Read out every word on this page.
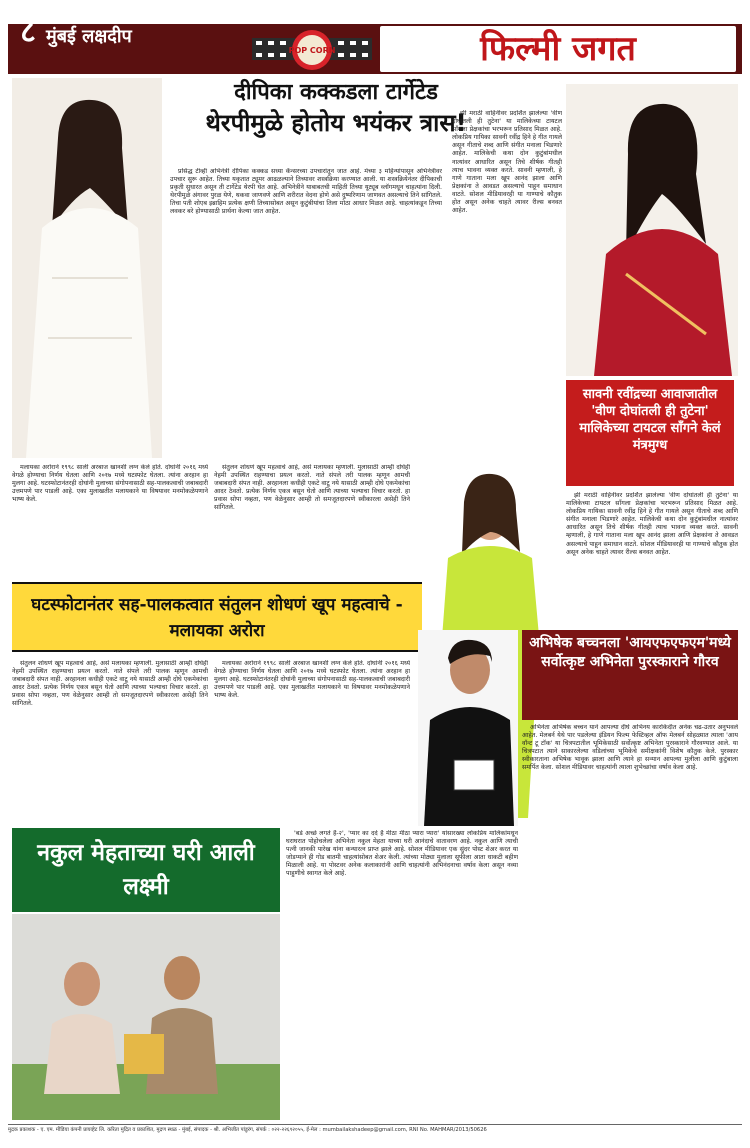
सोमवार, दि. १८ ऑगस्ट, २०२५
८ मुंबई लक्षदीप
POP CORN	फिल्मी जगत
दीपिका कक्कडला टार्गेटेड
थेरपीमुळे होतोय भयंकर त्रास!

प्रसिद्ध टीव्ही अभिनेत्री दीपिका कक्कड सध्या कॅन्सरच्या उपचारांतून जात आहे. मेच्या ३ महिन्यांपासून अभिनेत्रीवर उपचार सुरू आहेत. तिच्या यकृतात ट्यूमर आढळल्याने तिच्यावर शस्त्रक्रिया करण्यात आली. या शस्त्रक्रियेनंतर दीपिकाची प्रकृती सुधारत असून ती टार्गेटेड थेरपी घेत आहे. अभिनेत्रीने याबाबतची माहिती तिच्या यूट्यूब व्लॉगमधून चाहत्यांना दिली. थेरपीमुळे अंगावर पुरळ येणे, थकवा जाणवणे आणि शरीरात वेदना होणे असे दुष्परिणाम जाणवत असल्याचे तिने सांगितले. तिचा पती शोएब इब्राहिम प्रत्येक क्षणी तिच्यासोबत असून कुटुंबीयांचा तिला मोठा आधार मिळत आहे. चाहत्यांकडून तिच्या लवकर बरे होण्यासाठी प्रार्थना केल्या जात आहेत.

झी मराठी वाहिनीवर प्रदर्शित झालेल्या 'वीण दोघांतली ही तुटेना' या मालिकेच्या टायटल सॉंगला प्रेक्षकांचा भरभरून प्रतिसाद मिळत आहे. लोकप्रिय गायिका सावनी रवींद्र हिने हे गीत गायले असून गीताचे शब्द आणि संगीत मनाला भिडणारे आहेत. मालिकेची कथा दोन कुटुंबांमधील नात्यांवर आधारित असून तिचे शीर्षक गीतही त्याच भावना व्यक्त करते. सावनी म्हणाली, हे गाणे गाताना मला खूप आनंद झाला आणि प्रेक्षकांना ते आवडत असल्याचे पाहून समाधान वाटते. सोशल मीडियावरही या गाण्याचे कौतुक होत असून अनेक चाहते त्यावर रील्स बनवत आहेत.

सावनी रवींद्रच्या आवाजातील 'वीण दोघांतली ही तुटेना' मालिकेच्या टायटल सॉंगने केलं मंत्रमुग्ध

झी मराठी वाहिनीवर प्रदर्शित झालेल्या 'वीण दोघांतली ही तुटेना' या मालिकेच्या टायटल सॉंगला प्रेक्षकांचा भरभरून प्रतिसाद मिळत आहे. लोकप्रिय गायिका सावनी रवींद्र हिने हे गीत गायले असून गीताचे शब्द आणि संगीत मनाला भिडणारे आहेत. मालिकेची कथा दोन कुटुंबांमधील नात्यांवर आधारित असून तिचे शीर्षक गीतही त्याच भावना व्यक्त करते. सावनी म्हणाली, हे गाणे गाताना मला खूप आनंद झाला आणि प्रेक्षकांना ते आवडत असल्याचे पाहून समाधान वाटते. सोशल मीडियावरही या गाण्याचे कौतुक होत असून अनेक चाहते त्यावर रील्स बनवत आहेत.

मलायका अरोराने १९९८ साली अरबाज खानशी लग्न केले होते. दोघांनी २०१६ मध्ये वेगळे होण्याचा निर्णय घेतला आणि २०१७ मध्ये घटस्फोट घेतला. त्यांना अरहान हा मुलगा आहे. घटस्फोटानंतरही दोघांनी मुलाच्या संगोपनासाठी सह-पालकत्वाची जबाबदारी उत्तमपणे पार पाडली आहे. एका मुलाखतीत मलायकाने या विषयावर मनमोकळेपणाने भाष्य केले.

संतुलन शोधणं खूप महत्वाचे आहे, असे मलायका म्हणाली. मुलासाठी आम्ही दोघेही नेहमी उपस्थित राहण्याचा प्रयत्न करतो. नाते संपले तरी पालक म्हणून आमची जबाबदारी संपत नाही. अरहानला कधीही एकटे वाटू नये यासाठी आम्ही दोघे एकमेकांचा आदर ठेवतो. प्रत्येक निर्णय एकत्र बसून घेतो आणि त्याच्या भल्याचा विचार करतो. हा प्रवास सोपा नव्हता, पण वेळेनुसार आम्ही तो समजूतदारपणे स्वीकारला असेही तिने सांगितले.

घटस्फोटानंतर सह-पालकत्वात संतुलन शोधणं खूप महत्वाचे - मलायका अरोरा

संतुलन शोधणं खूप महत्वाचे आहे, असे मलायका म्हणाली. मुलासाठी आम्ही दोघेही नेहमी उपस्थित राहण्याचा प्रयत्न करतो. नाते संपले तरी पालक म्हणून आमची जबाबदारी संपत नाही. अरहानला कधीही एकटे वाटू नये यासाठी आम्ही दोघे एकमेकांचा आदर ठेवतो. प्रत्येक निर्णय एकत्र बसून घेतो आणि त्याच्या भल्याचा विचार करतो. हा प्रवास सोपा नव्हता, पण वेळेनुसार आम्ही तो समजूतदारपणे स्वीकारला असेही तिने सांगितले.

मलायका अरोराने १९९८ साली अरबाज खानशी लग्न केले होते. दोघांनी २०१६ मध्ये वेगळे होण्याचा निर्णय घेतला आणि २०१७ मध्ये घटस्फोट घेतला. त्यांना अरहान हा मुलगा आहे. घटस्फोटानंतरही दोघांनी मुलाच्या संगोपनासाठी सह-पालकत्वाची जबाबदारी उत्तमपणे पार पाडली आहे. एका मुलाखतीत मलायकाने या विषयावर मनमोकळेपणाने भाष्य केले.

अभिषेक बच्चनला 'आयएफएफएम'मध्ये सर्वोत्कृष्ट अभिनेता पुरस्काराने गौरव

अभिनेता अभिषेक बच्चन याने आपल्या दीर्घ अभिनय कारकिर्दीत अनेक चढ-उतार अनुभवले आहेत. मेलबर्न येथे पार पडलेल्या इंडियन फिल्म फेस्टिव्हल ऑफ मेलबर्न सोहळ्यात त्याला 'आय वॉन्ट टू टॉक' या चित्रपटातील भूमिकेसाठी सर्वोत्कृष्ट अभिनेता पुरस्काराने गौरवण्यात आले. या चित्रपटात त्याने साकारलेल्या वडिलांच्या भूमिकेचे समीक्षकांनी विशेष कौतुक केले. पुरस्कार स्वीकारताना अभिषेक भावूक झाला आणि त्याने हा सन्मान आपल्या मुलीला आणि कुटुंबाला समर्पित केला. सोशल मीडियावर चाहत्यांनी त्याला शुभेच्छांचा वर्षाव केला आहे.

नकुल मेहताच्या घरी आली लक्ष्मी

'बडे अच्छे लगते हैं-२', 'प्यार का दर्द है मीठा मीठा प्यारा प्यारा' यांसारख्या लोकप्रिय मालिकांमधून घराघरात पोहोचलेला अभिनेता नकुल मेहता याच्या घरी आनंदाचे वातावरण आहे. नकुल आणि त्याची पत्नी जानकी पारेख यांना कन्यारत्न प्राप्त झाले आहे. सोशल मीडियावर एक सुंदर पोस्ट शेअर करत या जोडप्याने ही गोड बातमी चाहत्यांसोबत शेअर केली. त्यांच्या मोठ्या मुलाला सूफीला आता धाकटी बहीण मिळाली आहे. या पोस्टवर अनेक कलाकारांनी आणि चाहत्यांनी अभिनंदनाचा वर्षाव केला असून नव्या पाहुणीचे स्वागत केले आहे.

मुद्रक प्रकाशक - ए. एम. मीडिया कंपनी प्रायव्हेट लि. करिता मुद्रित व प्रकाशित, मुद्रण स्थळ - मुंबई, संपादक - श्री. अभिजीत पांडुरंग, संपर्क : ०२२-२२६९२०५५, ई-मेल : mumbailakshadeep@gmail.com, RNI No. MAHMAR/2013/50626
